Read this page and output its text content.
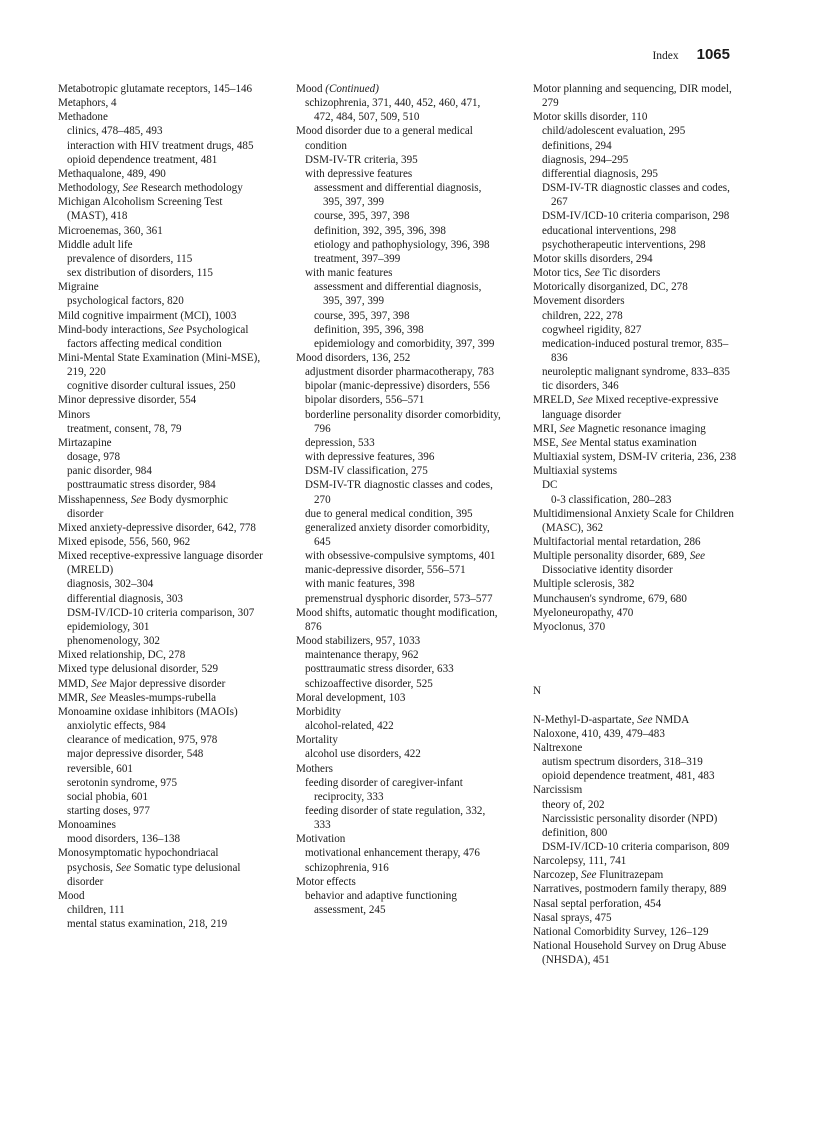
Index 1065

Metabotropic glutamate receptors, 145–146

Metaphors, 4

Methadone

clinics, 478–485, 493

interaction with HIV treatment drugs, 485

opioid dependence treatment, 481

Methaqualone, 489, 490

Methodology, See Research methodology

Michigan Alcoholism Screening Test (MAST), 418

Microenemas, 360, 361

Middle adult life

prevalence of disorders, 115

sex distribution of disorders, 115

Migraine

psychological factors, 820

Mild cognitive impairment (MCI), 1003

Mind-body interactions, See Psychological factors affecting medical condition

Mini-Mental State Examination (Mini-MSE), 219, 220

cognitive disorder cultural issues, 250

Minor depressive disorder, 554

Minors

treatment, consent, 78, 79

Mirtazapine

dosage, 978

panic disorder, 984

posttraumatic stress disorder, 984

Misshapenness, See Body dysmorphic disorder

Mixed anxiety-depressive disorder, 642, 778

Mixed episode, 556, 560, 962

Mixed receptive-expressive language disorder (MRELD)

diagnosis, 302–304

differential diagnosis, 303

DSM-IV/ICD-10 criteria comparison, 307

epidemiology, 301

phenomenology, 302

Mixed relationship, DC, 278

Mixed type delusional disorder, 529

MMD, See Major depressive disorder

MMR, See Measles-mumps-rubella

Monoamine oxidase inhibitors (MAOIs)

anxiolytic effects, 984

clearance of medication, 975, 978

major depressive disorder, 548

reversible, 601

serotonin syndrome, 975

social phobia, 601

starting doses, 977

Monoamines

mood disorders, 136–138

Monosymptomatic hypochondriacal psychosis, See Somatic type delusional disorder

Mood

children, 111

mental status examination, 218, 219

Mood (Continued)

schizophrenia, 371, 440, 452, 460, 471, 472, 484, 507, 509, 510

Mood disorder due to a general medical condition

DSM-IV-TR criteria, 395

with depressive features

assessment and differential diagnosis, 395, 397, 399

course, 395, 397, 398

definition, 392, 395, 396, 398

etiology and pathophysiology, 396, 398

treatment, 397–399

with manic features

assessment and differential diagnosis, 395, 397, 399

course, 395, 397, 398

definition, 395, 396, 398

epidemiology and comorbidity, 397, 399

Mood disorders, 136, 252

adjustment disorder pharmacotherapy, 783

bipolar (manic-depressive) disorders, 556

bipolar disorders, 556–571

borderline personality disorder comorbidity, 796

depression, 533

with depressive features, 396

DSM-IV classification, 275

DSM-IV-TR diagnostic classes and codes, 270

due to general medical condition, 395

generalized anxiety disorder comorbidity, 645

with obsessive-compulsive symptoms, 401

manic-depressive disorder, 556–571

with manic features, 398

premenstrual dysphoric disorder, 573–577

Mood shifts, automatic thought modification, 876

Mood stabilizers, 957, 1033

maintenance therapy, 962

posttraumatic stress disorder, 633

schizoaffective disorder, 525

Moral development, 103

Morbidity

alcohol-related, 422

Mortality

alcohol use disorders, 422

Mothers

feeding disorder of caregiver-infant reciprocity, 333

feeding disorder of state regulation, 332, 333

Motivation

motivational enhancement therapy, 476

schizophrenia, 916

Motor effects

behavior and adaptive functioning assessment, 245

Motor planning and sequencing, DIR model, 279

Motor skills disorder, 110

child/adolescent evaluation, 295

definitions, 294

diagnosis, 294–295

differential diagnosis, 295

DSM-IV-TR diagnostic classes and codes, 267

DSM-IV/ICD-10 criteria comparison, 298

educational interventions, 298

psychotherapeutic interventions, 298

Motor skills disorders, 294

Motor tics, See Tic disorders

Motorically disorganized, DC, 278

Movement disorders

children, 222, 278

cogwheel rigidity, 827

medication-induced postural tremor, 835–836

neuroleptic malignant syndrome, 833–835

tic disorders, 346

MRELD, See Mixed receptive-expressive language disorder

MRI, See Magnetic resonance imaging

MSE, See Mental status examination

Multiaxial system, DSM-IV criteria, 236, 238

Multiaxial systems

DC

0-3 classification, 280–283

Multidimensional Anxiety Scale for Children (MASC), 362

Multifactorial mental retardation, 286

Multiple personality disorder, 689, See Dissociative identity disorder

Multiple sclerosis, 382

Munchausen's syndrome, 679, 680

Myeloneuropathy, 470

Myoclonus, 370

N

N-Methyl-D-aspartate, See NMDA

Naloxone, 410, 439, 479–483

Naltrexone

autism spectrum disorders, 318–319

opioid dependence treatment, 481, 483

Narcissism

theory of, 202

Narcissistic personality disorder (NPD)

definition, 800

DSM-IV/ICD-10 criteria comparison, 809

Narcolepsy, 111, 741

Narcozep, See Flunitrazepam

Narratives, postmodern family therapy, 889

Nasal septal perforation, 454

Nasal sprays, 475

National Comorbidity Survey, 126–129

National Household Survey on Drug Abuse (NHSDA), 451
